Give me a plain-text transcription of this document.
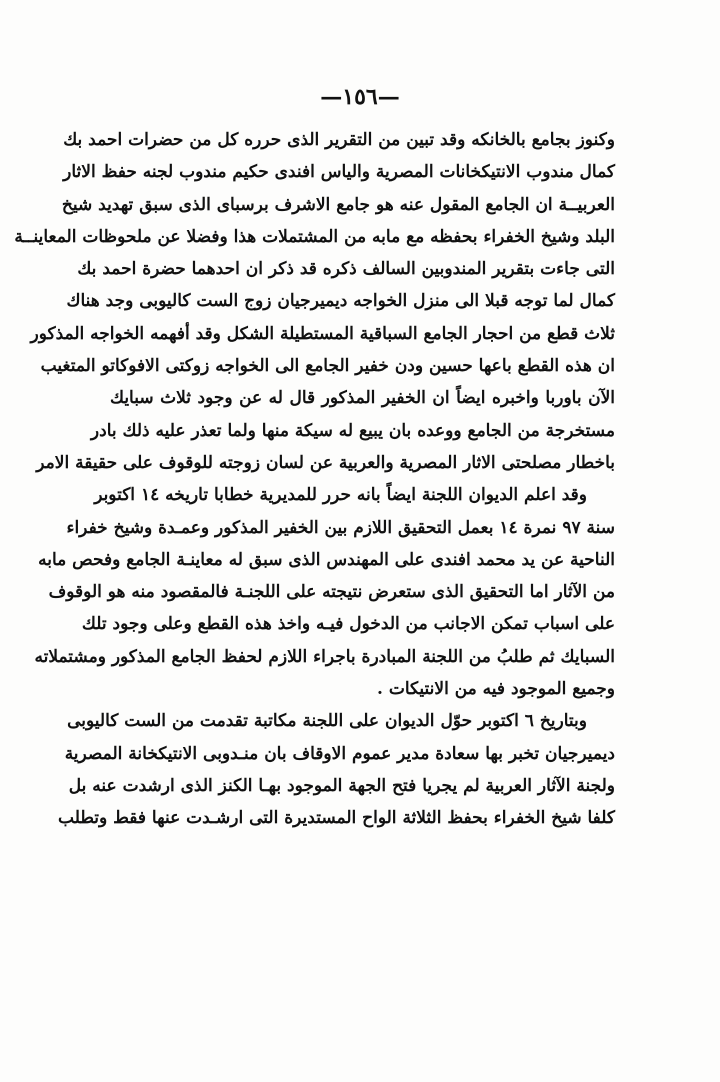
—١٥٦—
وكنوز بجامع بالخانكه وقد تبين من التقرير الذى حرره كل من حضرات احمد بك
كمال مندوب الانتيكخانات المصرية والياس افندى حكيم مندوب لجنه حفظ الاثار
العربيــة ان الجامع المقول عنه هو جامع الاشرف برسباى الذى سبق تهديد شيخ
البلد وشيخ الخفراء بحفظه مع مابه من المشتملات هذا وفضلا عن ملحوظات المعاينــة
التى جاءت بتقرير المندوبين السالف ذكره قد ذكر ان احدهما حضرة احمد بك
كمال لما توجه قبلا الى منزل الخواجه ديميرجيان زوج الست كاليوبى وجد هناك
ثلاث قطع من احجار الجامع السباقية المستطيلة الشكل وقد أفهمه الخواجه المذكور
ان هذه القطع باعها حسين ودن خفير الجامع الى الخواجه زوكتى الافوكاتو المتغيب
الآن باوربا واخبره ايضاً ان الخفير المذكور قال له عن وجود ثلاث سبايك
مستخرجة من الجامع ووعده بان يبيع له سيكة منها ولما تعذر عليه ذلك بادر
باخطار مصلحتى الاثار المصرية والعربية عن لسان زوجته للوقوف على حقيقة الامر
وقد اعلم الديوان اللجنة ايضاً بانه حرر للمديرية خطابا تاريخه ١٤ اكتوبر
سنة ٩٧ نمرة ١٤ بعمل التحقيق اللازم بين الخفير المذكور وعمـدة وشيخ خفراء
الناحية عن يد محمد افندى على المهندس الذى سبق له معاينـة الجامع وفحص مابه
من الآثار اما التحقيق الذى ستعرض نتيجته على اللجنـة فالمقصود منه هو الوقوف
على اسباب تمكن الاجانب من الدخول فيـه واخذ هذه القطع وعلى وجود تلك
السبايك ثم طلبُ من اللجنة المبادرة باجراء اللازم لحفظ الجامع المذكور ومشتملاته
وجميع الموجود فيه من الانتيكات .
وبتاريخ ٦ اكتوبر حوّل الديوان على اللجنة مكاتبة تقدمت من الست كاليوبى
ديميرجيان تخبر بها سعادة مدير عموم الاوقاف بان منـدوبى الانتيكخانة المصرية
ولجنة الآثار العربية لم يجريا فتح الجهة الموجود بهـا الكنز الذى ارشدت عنه بل
كلفا شيخ الخفراء بحفظ الثلاثة الواح المستديرة التى ارشـدت عنها فقط وتطلب
